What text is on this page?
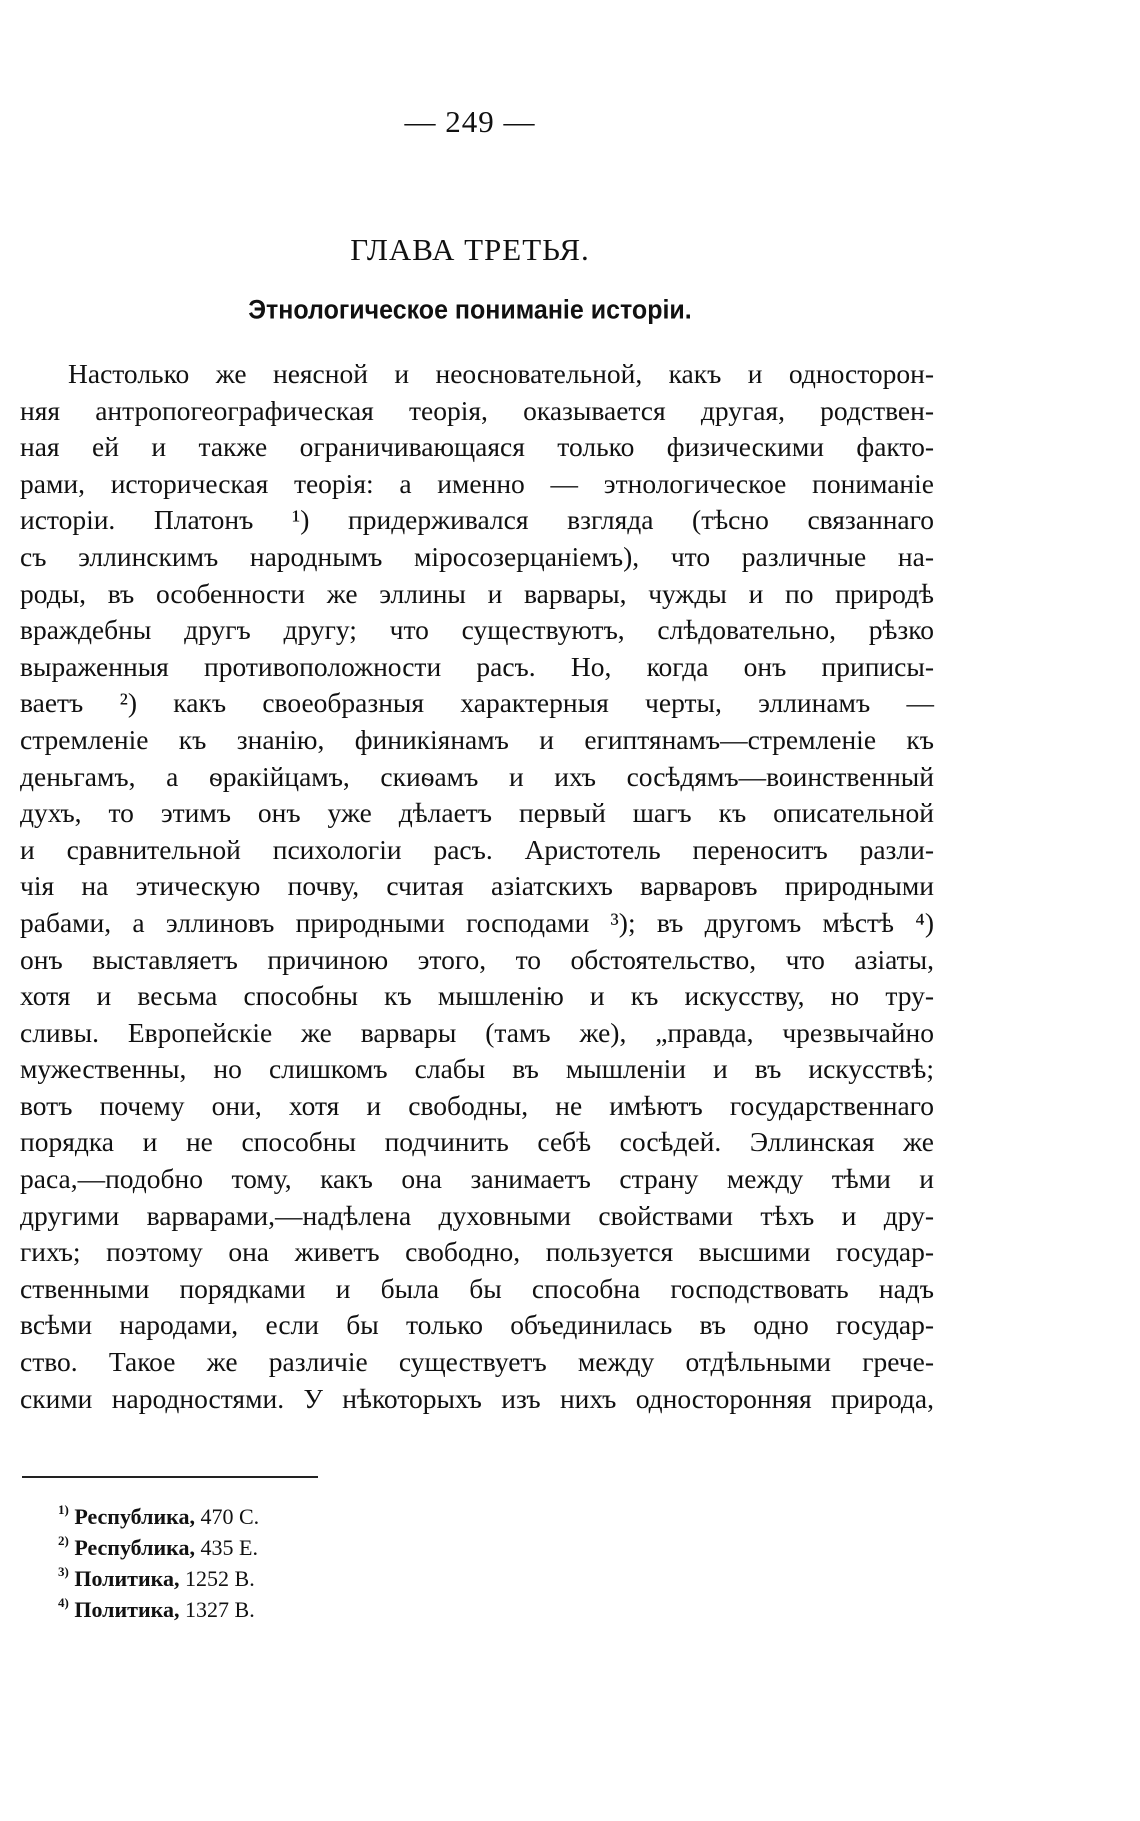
— 249 —
ГЛАВА ТРЕТЬЯ.
Этнологическое пониманіе исторіи.
Настолько же неясной и неосновательной, какъ и односторон-
няя антропогеографическая теорія, оказывается другая, родствен-
ная ей и также ограничивающаяся только физическими факто-
рами, историческая теорія: а именно — этнологическое пониманіе
исторіи. Платонъ ¹) придерживался взгляда (тѣсно связаннаго
съ эллинскимъ народнымъ міросозерцаніемъ), что различные на-
роды, въ особенности же эллины и варвары, чужды и по природѣ
враждебны другъ другу; что существуютъ, слѣдовательно, рѣзко
выраженныя противоположности расъ. Но, когда онъ приписы-
ваетъ ²) какъ своеобразныя характерныя черты, эллинамъ —
стремленіе къ знанію, финикіянамъ и египтянамъ—стремленіе къ
деньгамъ, а ѳракійцамъ, скиѳамъ и ихъ сосѣдямъ—воинственный
духъ, то этимъ онъ уже дѣлаетъ первый шагъ къ описательной
и сравнительной психологіи расъ. Аристотель переноситъ разли-
чія на этическую почву, считая азіатскихъ варваровъ природными
рабами, а эллиновъ природными господами ³); въ другомъ мѣстѣ ⁴)
онъ выставляетъ причиною этого, то обстоятельство, что азіаты,
хотя и весьма способны къ мышленію и къ искусству, но тру-
сливы. Европейскіе же варвары (тамъ же), „правда, чрезвычайно
мужественны, но слишкомъ слабы въ мышленіи и въ искусствѣ;
вотъ почему они, хотя и свободны, не имѣютъ государственнаго
порядка и не способны подчинить себѣ сосѣдей. Эллинская же
раса,—подобно тому, какъ она занимаетъ страну между тѣми и
другими варварами,—надѣлена духовными свойствами тѣхъ и дру-
гихъ; поэтому она живетъ свободно, пользуется высшими государ-
ственными порядками и была бы способна господствовать надъ
всѣми народами, если бы только объединилась въ одно государ-
ство. Такое же различіе существуетъ между отдѣльными грече-
скими народностями. У нѣкоторыхъ изъ нихъ односторонняя природа,
$^{1)}$ Республика, 470 C.
$^{2)}$ Республика, 435 E.
$^{3)}$ Политика, 1252 B.
$^{4)}$ Политика, 1327 B.
